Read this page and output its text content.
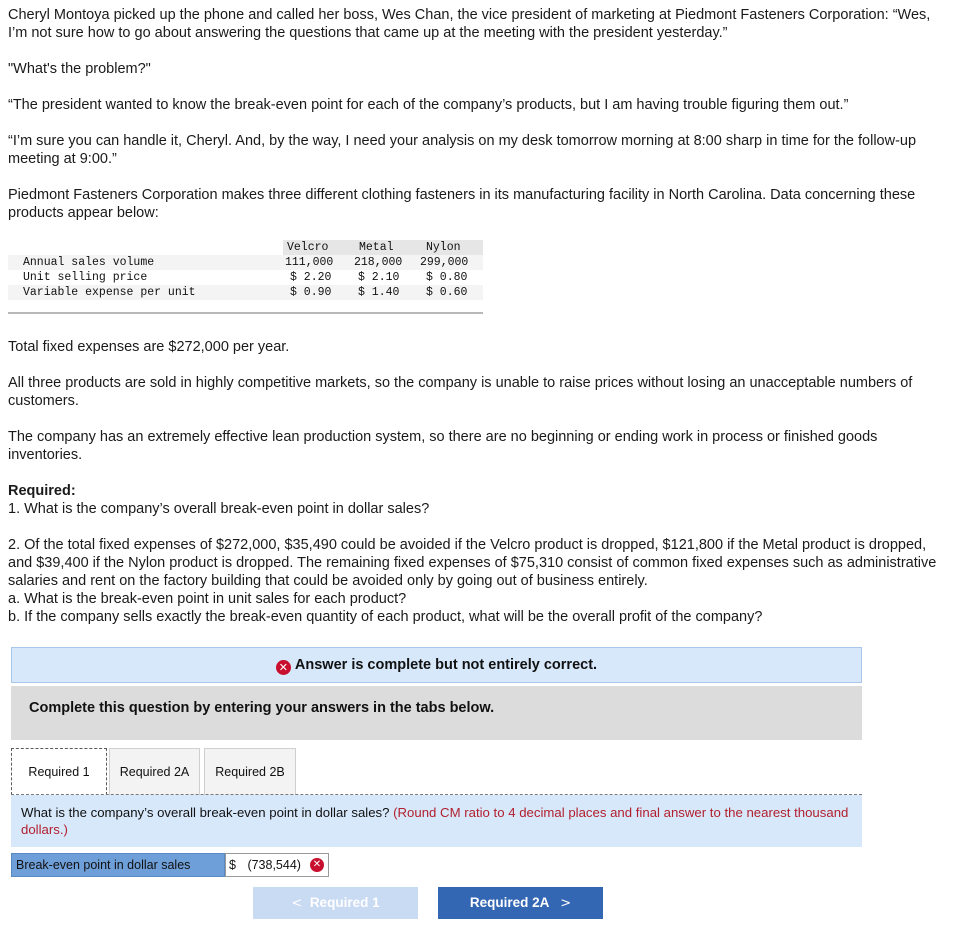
Cheryl Montoya picked up the phone and called her boss, Wes Chan, the vice president of marketing at Piedmont Fasteners Corporation: “Wes, I’m not sure how to go about answering the questions that came up at the meeting with the president yesterday.”

"What's the problem?"

“The president wanted to know the break-even point for each of the company’s products, but I am having trouble figuring them out.”

“I’m sure you can handle it, Cheryl. And, by the way, I need your analysis on my desk tomorrow morning at 8:00 sharp in time for the follow-up meeting at 9:00.”

Piedmont Fasteners Corporation makes three different clothing fasteners in its manufacturing facility in North Carolina. Data concerning these products appear below:

Velcro	Metal	Nylon
Annual sales volume	111,000 218,000 299,000
Unit selling price	$ 2.20 $ 2.10 $ 0.80
Variable expense per unit	$ 0.90 $ 1.40 $ 0.60

Total fixed expenses are $272,000 per year.

All three products are sold in highly competitive markets, so the company is unable to raise prices without losing an unacceptable numbers of customers.

The company has an extremely effective lean production system, so there are no beginning or ending work in process or finished goods inventories.

Required:

1. What is the company’s overall break-even point in dollar sales?

2. Of the total fixed expenses of $272,000, $35,490 could be avoided if the Velcro product is dropped, $121,800 if the Metal product is dropped, and $39,400 if the Nylon product is dropped. The remaining fixed expenses of $75,310 consist of common fixed expenses such as administrative salaries and rent on the factory building that could be avoided only by going out of business entirely.

a. What is the break-even point in unit sales for each product?

b. If the company sells exactly the break-even quantity of each product, what will be the overall profit of the company?

✕ Answer is complete but not entirely correct.
Complete this question by entering your answers in the tabs below.
Required 1	Required 2A	Required 2B
What is the company’s overall break-even point in dollar sales? (Round CM ratio to 4 decimal places and final answer to the nearest thousand dollars.)
Break-even point in dollar sales	$ (738,544) ✕
< Required 1	Required 2A >
